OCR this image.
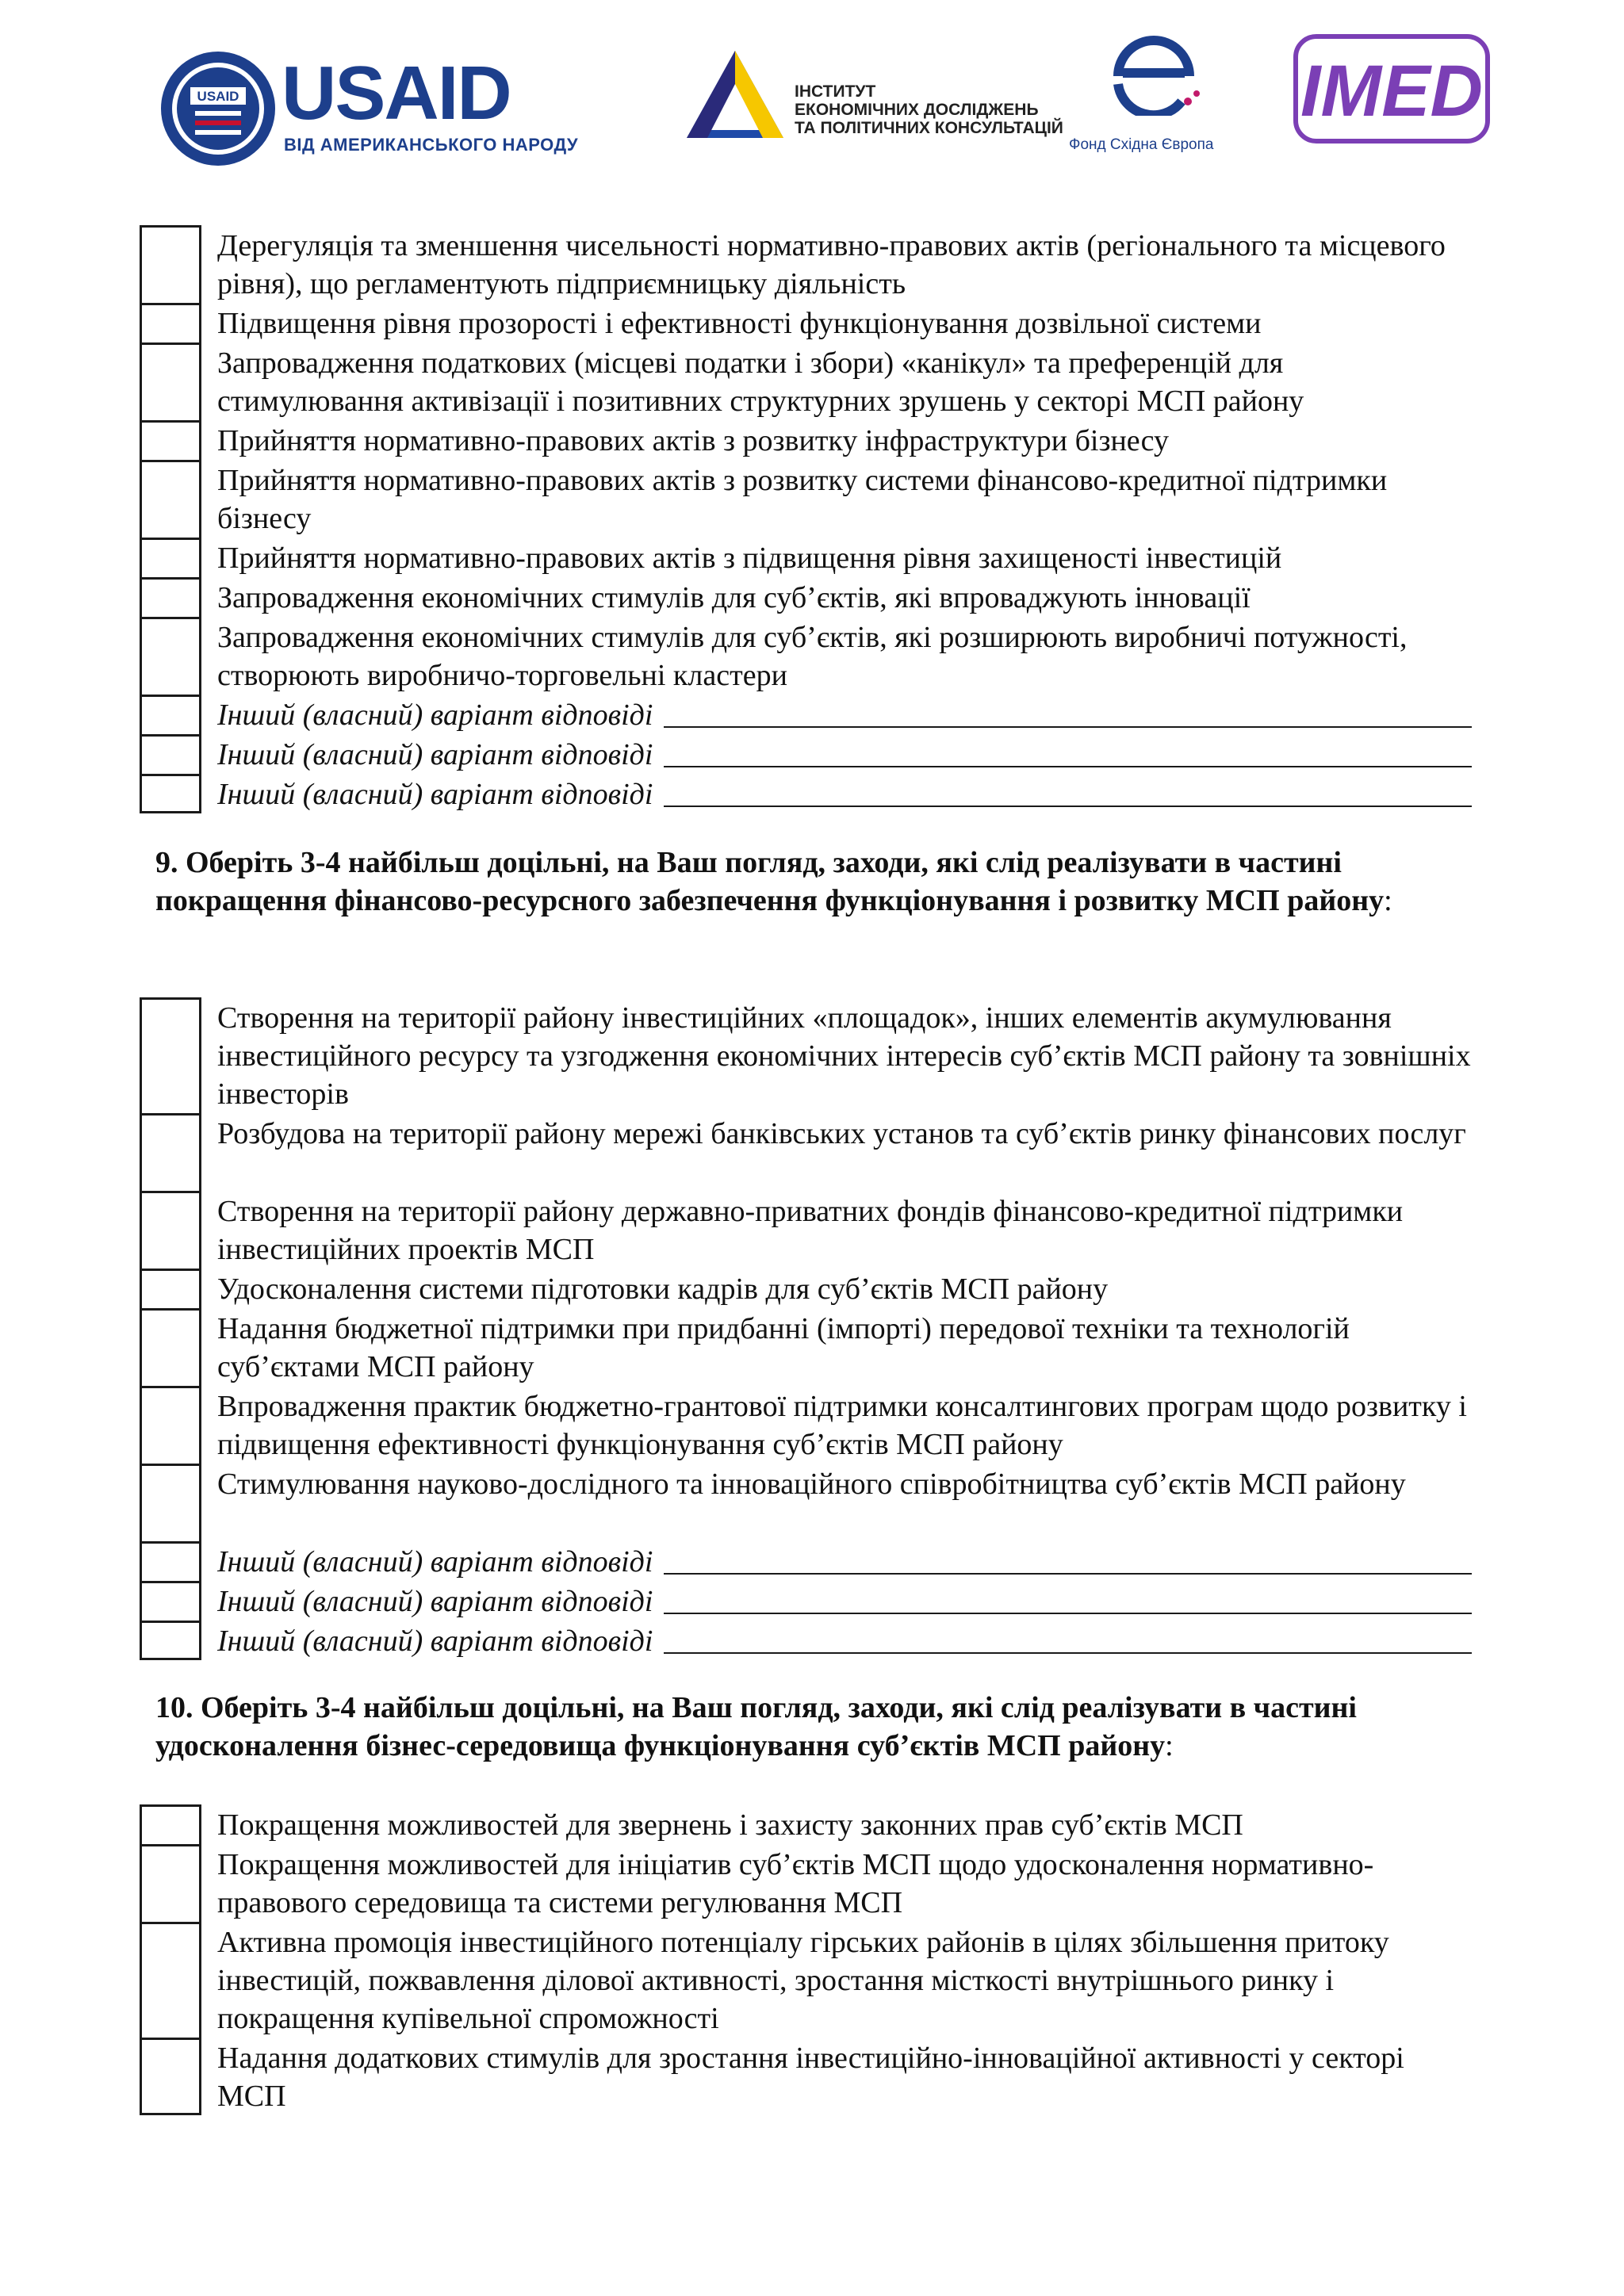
USAID USAID
ВІД АМЕРИКАНСЬКОГО НАРОДУ
ІНСТИТУТ
ЕКОНОМІЧНИХ ДОСЛІДЖЕНЬ
ТА ПОЛІТИЧНИХ КОНСУЛЬТАЦІЙ
Фонд Східна Європа
IMED
Дерегуляція та зменшення чисельності нормативно-правових актів (регіонального та місцевого рівня), що регламентують підприємницьку діяльність
Підвищення рівня прозорості і ефективності функціонування дозвільної системи
Запровадження податкових (місцеві податки і збори) «канікул» та преференцій для стимулювання активізації і позитивних структурних зрушень у секторі МСП району
Прийняття нормативно-правових актів з розвитку інфраструктури бізнесу
Прийняття нормативно-правових актів з розвитку системи фінансово-кредитної підтримки бізнесу
Прийняття нормативно-правових актів з підвищення рівня захищеності інвестицій
Запровадження економічних стимулів для суб’єктів, які впроваджують інновації
Запровадження економічних стимулів для суб’єктів, які розширюють виробничі потужності, створюють виробничо-торговельні кластери
Інший (власний) варіант відповіді
Інший (власний) варіант відповіді
Інший (власний) варіант відповіді
9. Оберіть 3-4 найбільш доцільні, на Ваш погляд, заходи, які слід реалізувати в частині покращення фінансово-ресурсного забезпечення функціонування і розвитку МСП району:
Створення на території району інвестиційних «площадок», інших елементів акумулювання інвестиційного ресурсу та узгодження економічних інтересів суб’єктів МСП району та зовнішніх інвесторів
Розбудова на території району мережі банківських установ та суб’єктів ринку фінансових послуг
Створення на території району державно-приватних фондів фінансово-кредитної підтримки інвестиційних проектів МСП
Удосконалення системи підготовки кадрів для суб’єктів МСП району
Надання бюджетної підтримки при придбанні (імпорті) передової техніки та технологій суб’єктами МСП району
Впровадження практик бюджетно-грантової підтримки консалтингових програм щодо розвитку і підвищення ефективності функціонування суб’єктів МСП району
Стимулювання науково-дослідного та інноваційного співробітництва суб’єктів МСП району
Інший (власний) варіант відповіді
Інший (власний) варіант відповіді
Інший (власний) варіант відповіді
10. Оберіть 3-4 найбільш доцільні, на Ваш погляд, заходи, які слід реалізувати в частині удосконалення бізнес-середовища функціонування суб’єктів МСП району:
Покращення можливостей для звернень і захисту законних прав суб’єктів МСП
Покращення можливостей для ініціатив суб’єктів МСП щодо удосконалення нормативно-правового середовища та системи регулювання МСП
Активна промоція інвестиційного потенціалу гірських районів в цілях збільшення притоку інвестицій, пожвавлення ділової активності, зростання місткості внутрішнього ринку і покращення купівельної спроможності
Надання додаткових стимулів для зростання інвестиційно-інноваційної активності у секторі МСП
